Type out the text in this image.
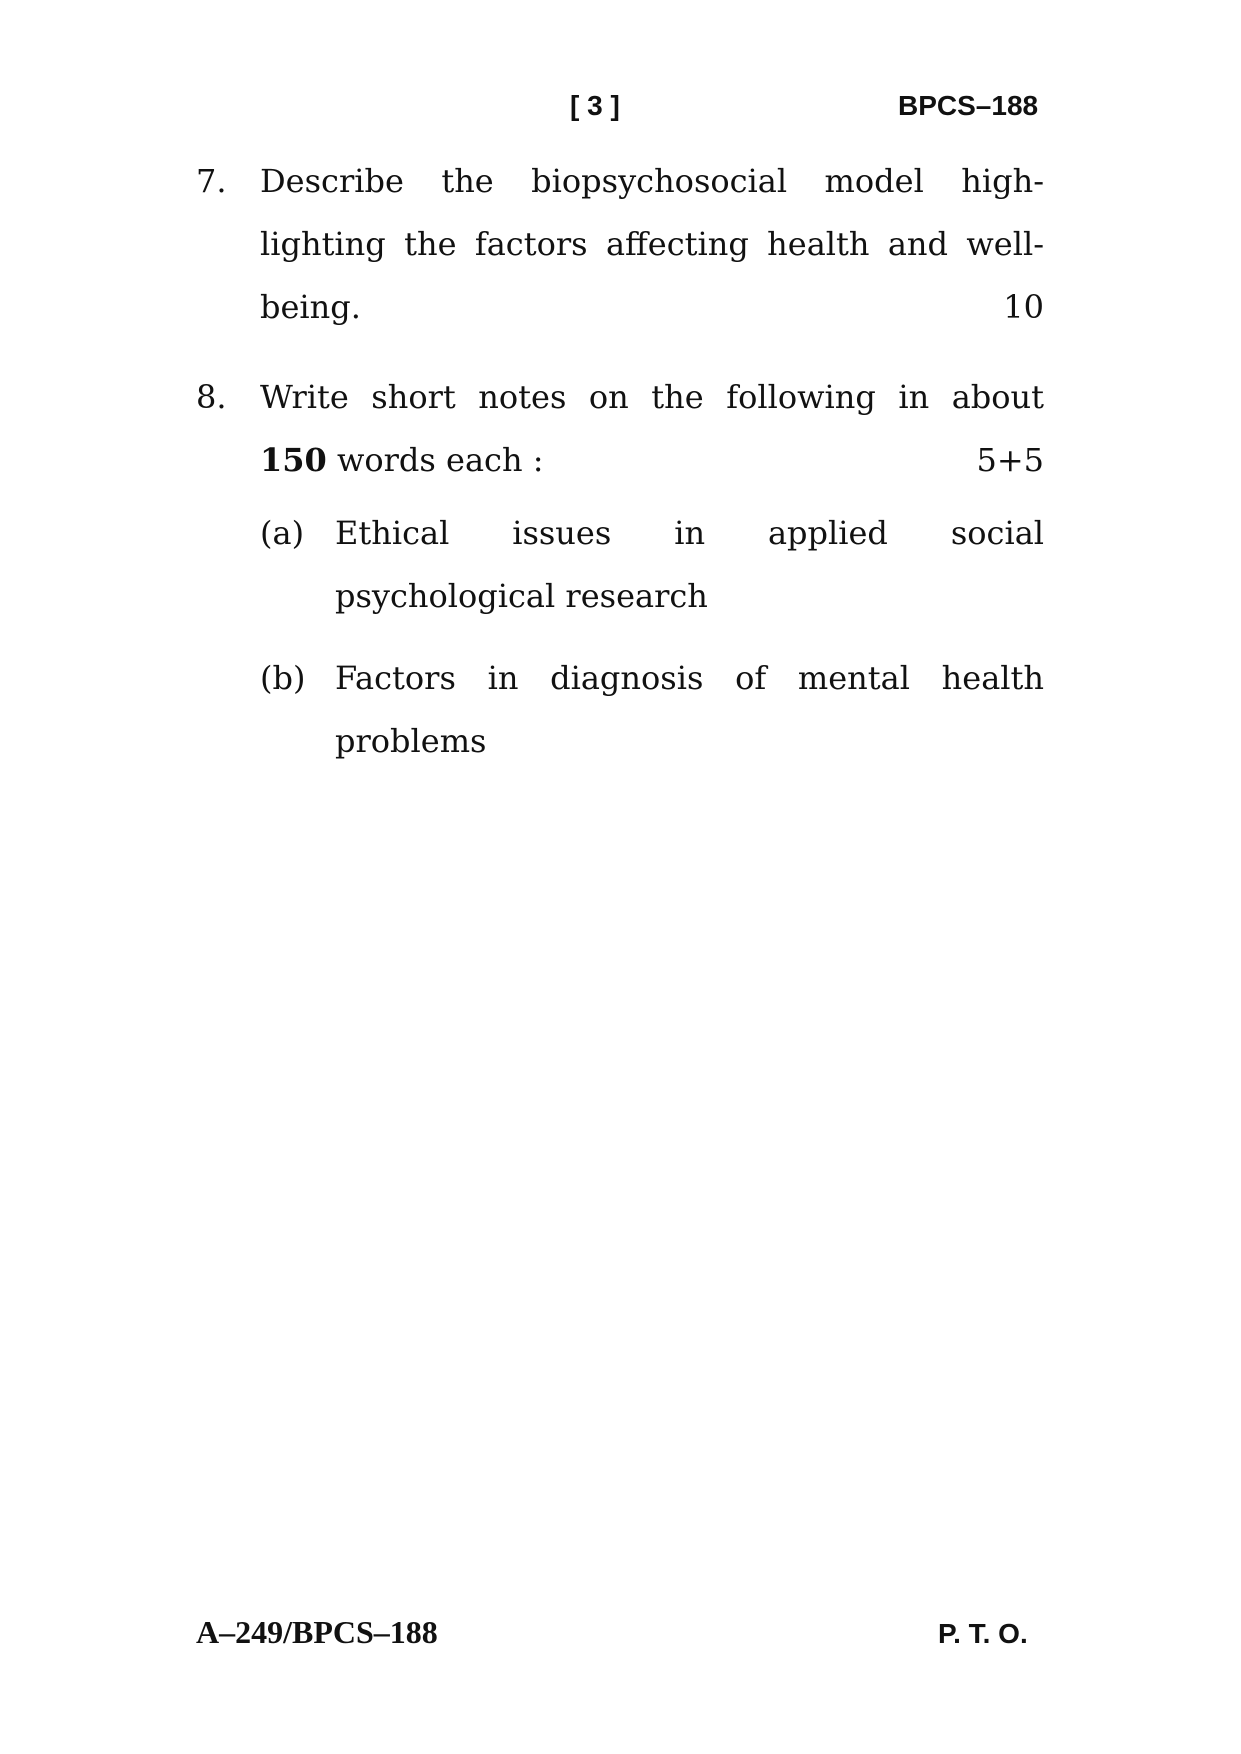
[ 3 ]	BPCS–188
7. Describe the biopsychosocial model high-
lighting the factors affecting health and well-
being.	10
8. Write short notes on the following in about
150 words each :	5+5
(a) Ethical issues in applied social
psychological research
(b) Factors in diagnosis of mental health
problems
A–249/BPCS–188	P. T. O.
